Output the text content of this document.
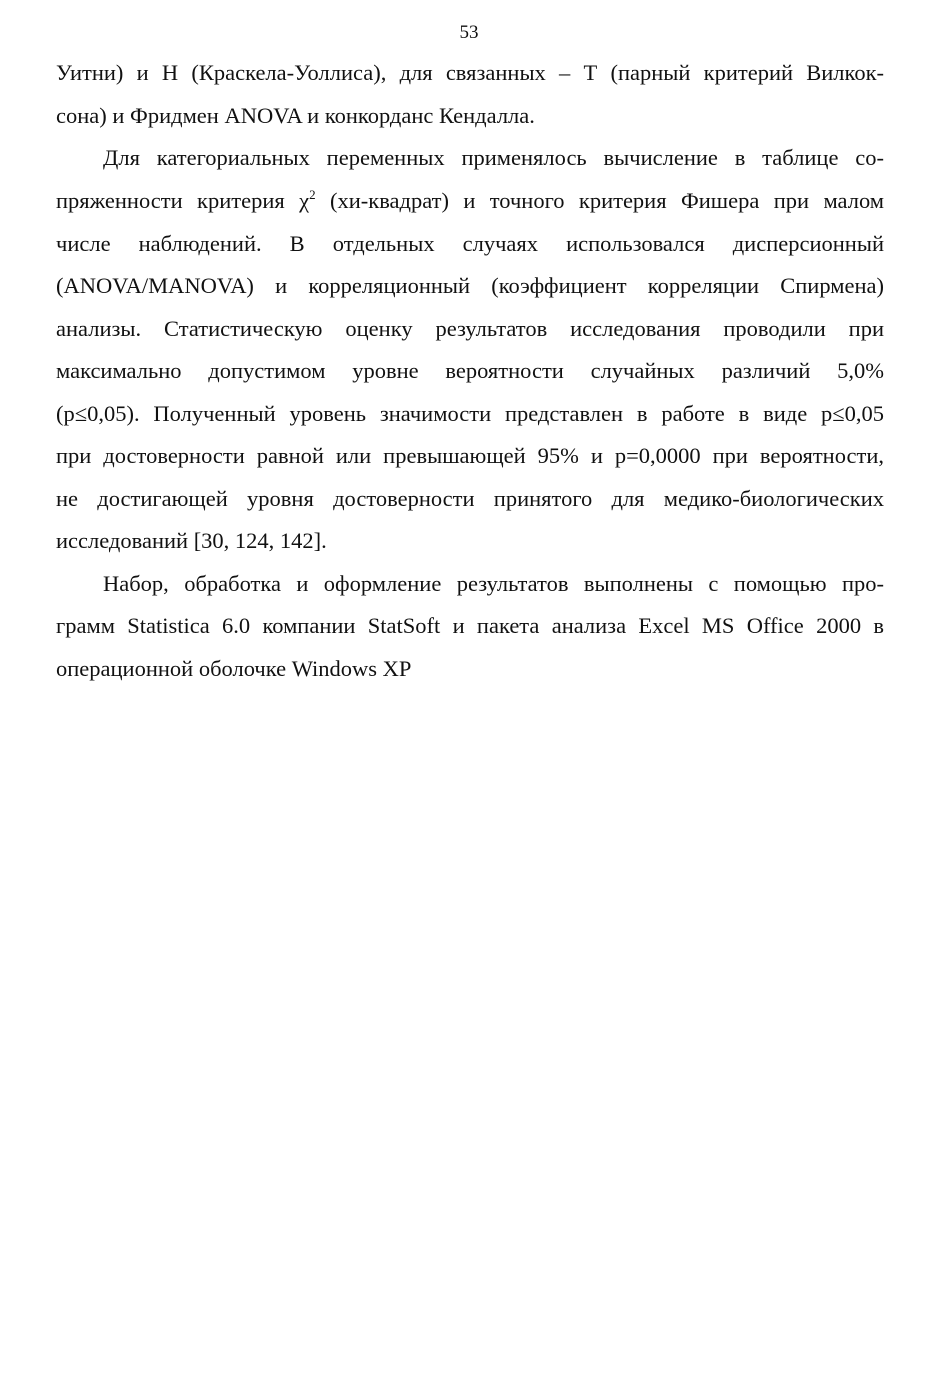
53
Уитни) и Н (Краскела-Уоллиса), для связанных – Т (парный критерий Вилкок-
сона) и Фридмен ANOVA и конкорданс Кендалла.
Для категориальных переменных применялось вычисление в таблице со-
пряженности критерия $\chi^2$ (хи-квадрат) и точного критерия Фишера при малом
числе наблюдений. В отдельных случаях использовался дисперсионный
(ANOVA/MANOVA) и корреляционный (коэффициент корреляции Спирмена)
анализы. Статистическую оценку результатов исследования проводили при
максимально допустимом уровне вероятности случайных различий 5,0%
(р≤0,05). Полученный уровень значимости представлен в работе в виде р≤0,05
при достоверности равной или превышающей 95% и р=0,0000 при вероятности,
не достигающей уровня достоверности принятого для медико-биологических
исследований [30, 124, 142].
Набор, обработка и оформление результатов выполнены с помощью про-
грамм Statistica 6.0 компании StatSoft и пакета анализа Excel MS Office 2000 в
операционной оболочке Windows XP
